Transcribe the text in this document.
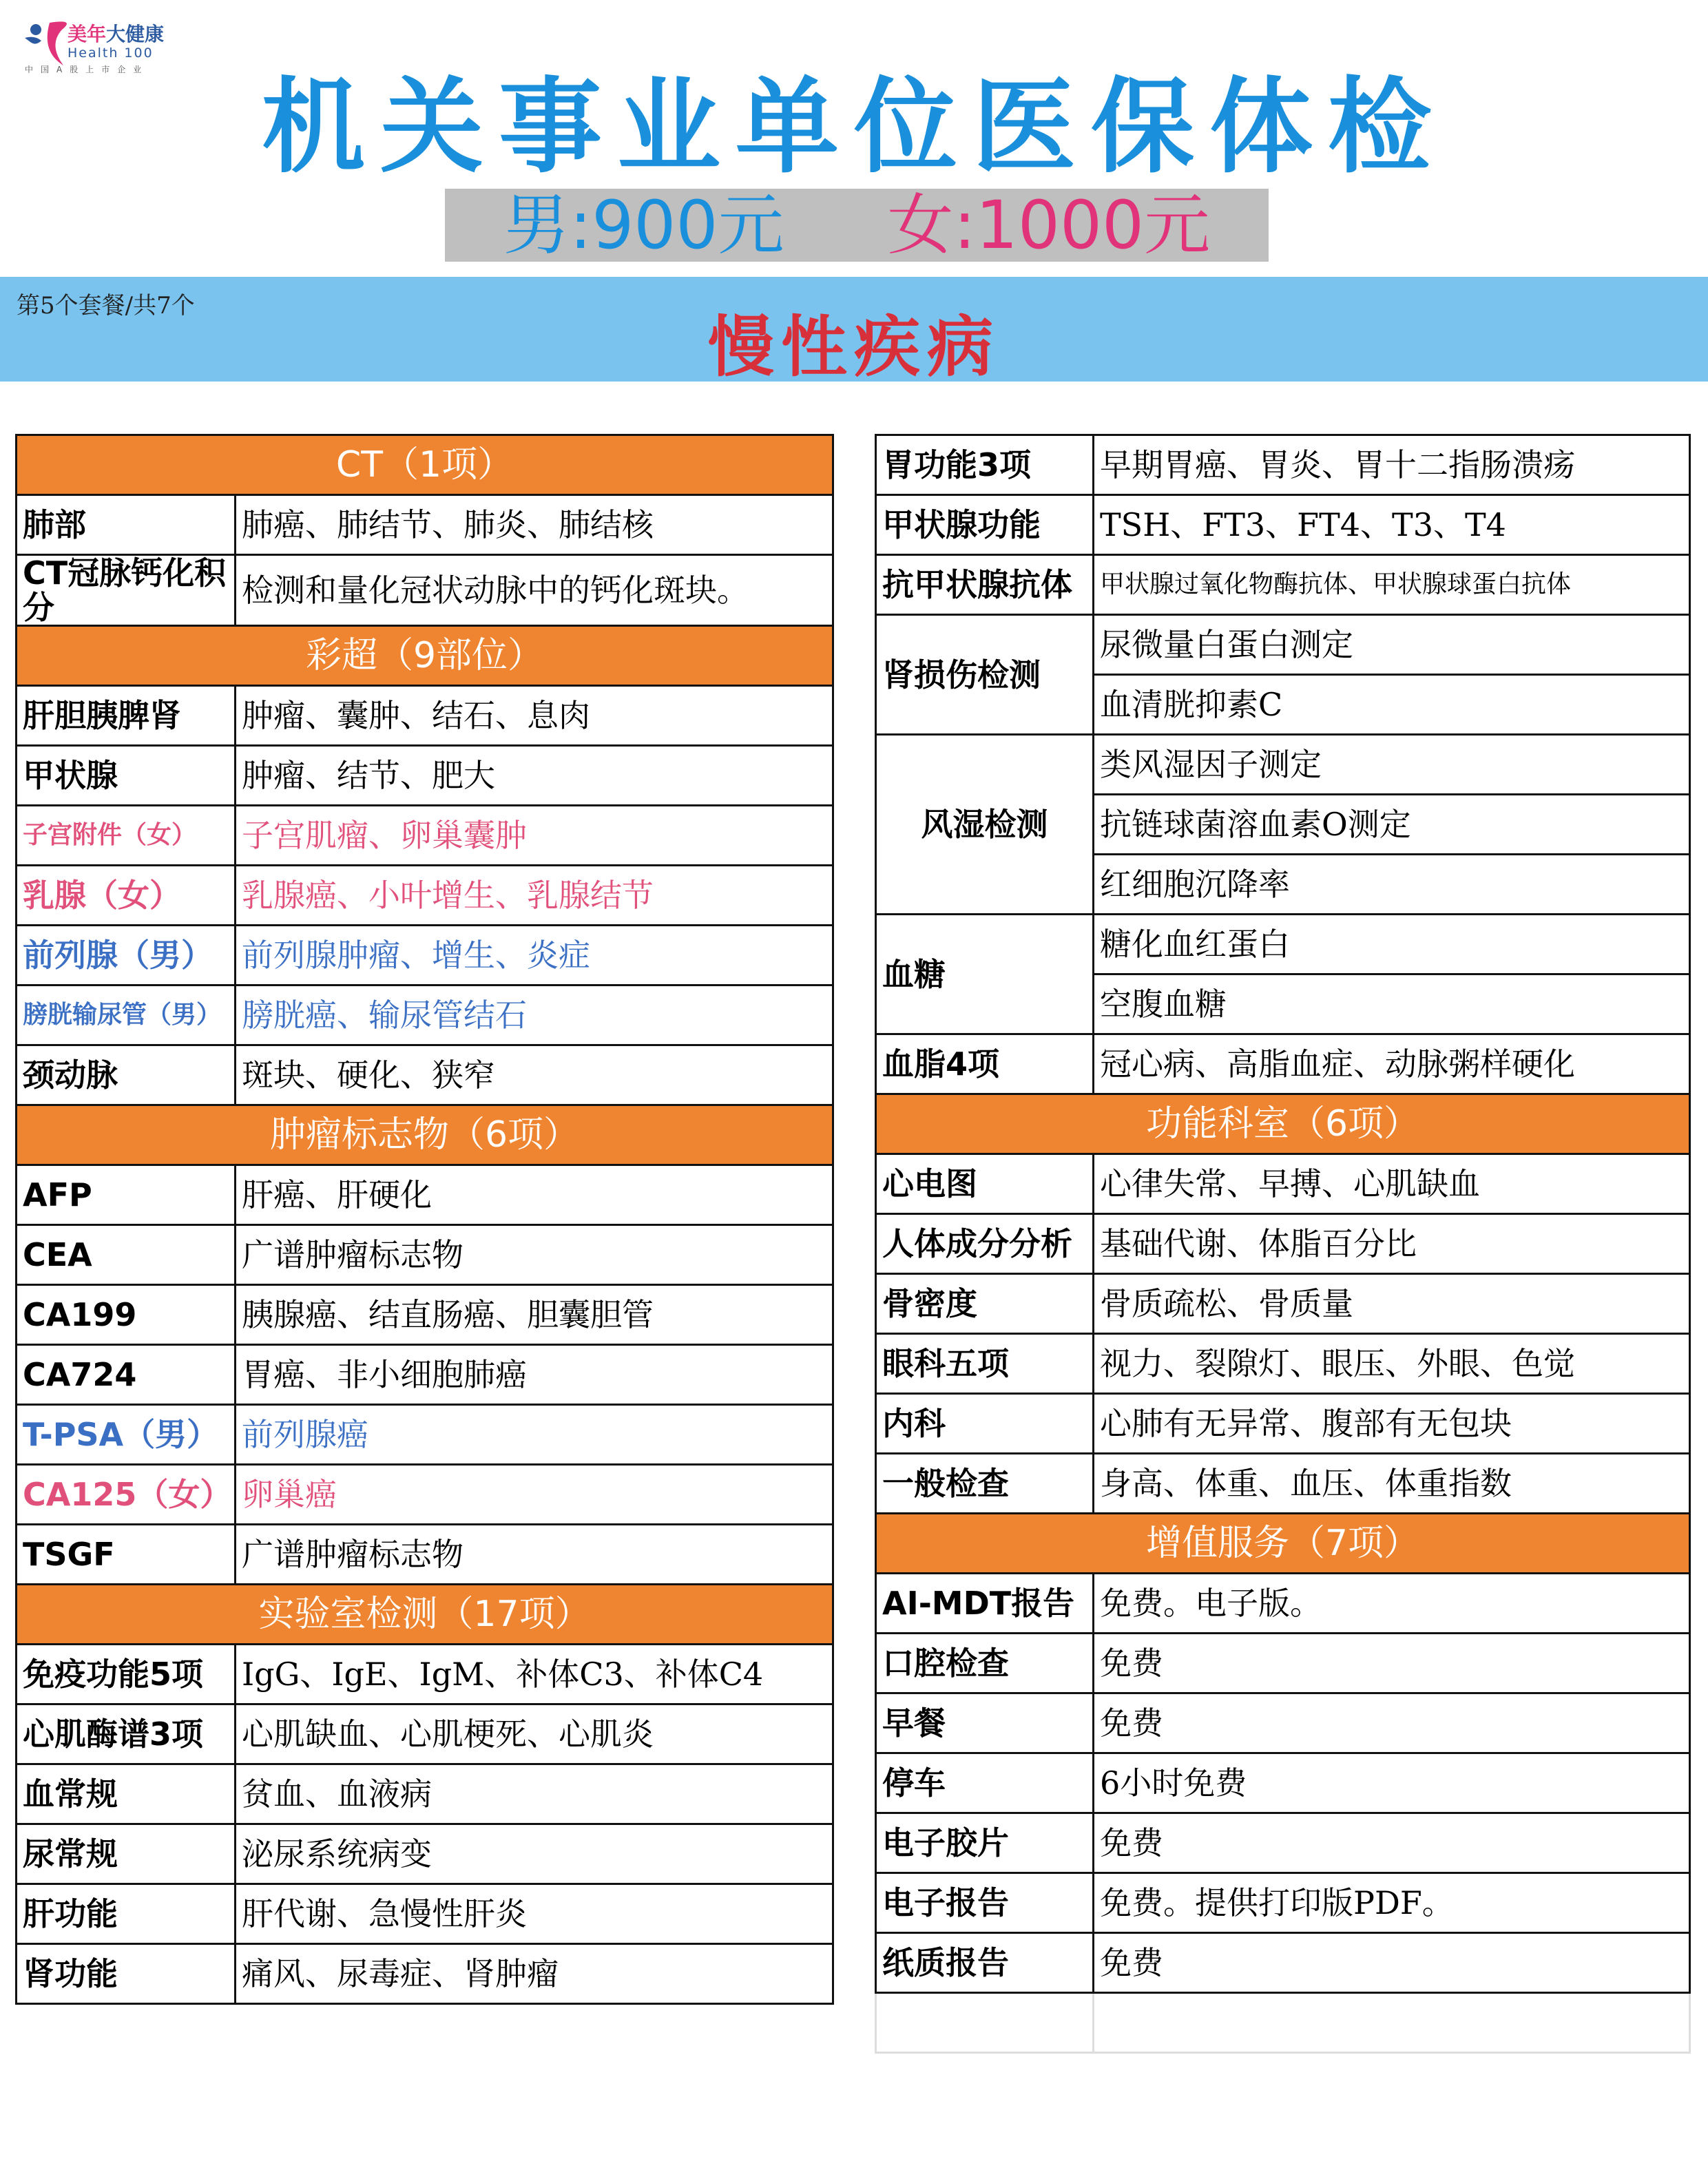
美年 大健康
Health 100
中国A股上市企业	机关事业单位医保体检
男:900元 女:1000元
第5个套餐/共7个
慢性疾病
CT（1项）	
肺部	肺癌、肺结节、肺炎、肺结核
CT冠脉钙化积分	检测和量化冠状动脉中的钙化斑块。

彩超（9部位）	
肝胆胰脾肾	肿瘤、囊肿、结石、息肉
甲状腺	肿瘤、结节、肥大
子宫附件（女）	子宫肌瘤、卵巢囊肿
乳腺（女）	乳腺癌、小叶增生、乳腺结节
前列腺（男）	前列腺肿瘤、增生、炎症
膀胱输尿管（男）	膀胱癌、输尿管结石
颈动脉	斑块、硬化、狭窄
肿瘤标志物（6项）	
AFP	肝癌、肝硬化
CEA	广谱肿瘤标志物
CA199	胰腺癌、结直肠癌、胆囊胆管
CA724	胃癌、非小细胞肺癌
T-PSA（男）	前列腺癌
CA125（女）	卵巢癌
TSGF	广谱肿瘤标志物
实验室检测（17项）	
免疫功能5项	IgG、IgE、IgM、补体C3、补体C4
心肌酶谱3项	心肌缺血、心肌梗死、心肌炎
血常规	贫血、血液病
尿常规	泌尿系统病变
肝功能	肝代谢、急慢性肝炎
肾功能	痛风、尿毒症、肾肿瘤
胃功能3项	早期胃癌、胃炎、胃十二指肠溃疡
甲状腺功能	TSH、FT3、FT4、T3、T4
抗甲状腺抗体	甲状腺过氧化物酶抗体、甲状腺球蛋白抗体
肾损伤检测	尿微量白蛋白测定
	血清胱抑素C
风湿检测	类风湿因子测定
	抗链球菌溶血素O测定
	红细胞沉降率
血糖	糖化血红蛋白
	空腹血糖
血脂4项	冠心病、高脂血症、动脉粥样硬化
功能科室（6项）	
心电图	心律失常、早搏、心肌缺血
人体成分分析	基础代谢、体脂百分比
骨密度	骨质疏松、骨质量
眼科五项	视力、裂隙灯、眼压、外眼、色觉
内科	心肺有无异常、腹部有无包块
一般检查	身高、体重、血压、体重指数
增值服务（7项）	
AI-MDT报告	免费。电子版。
口腔检查	免费
早餐	免费
停车	6小时免费
电子胶片	免费
电子报告	免费。提供打印版PDF。
纸质报告	免费
